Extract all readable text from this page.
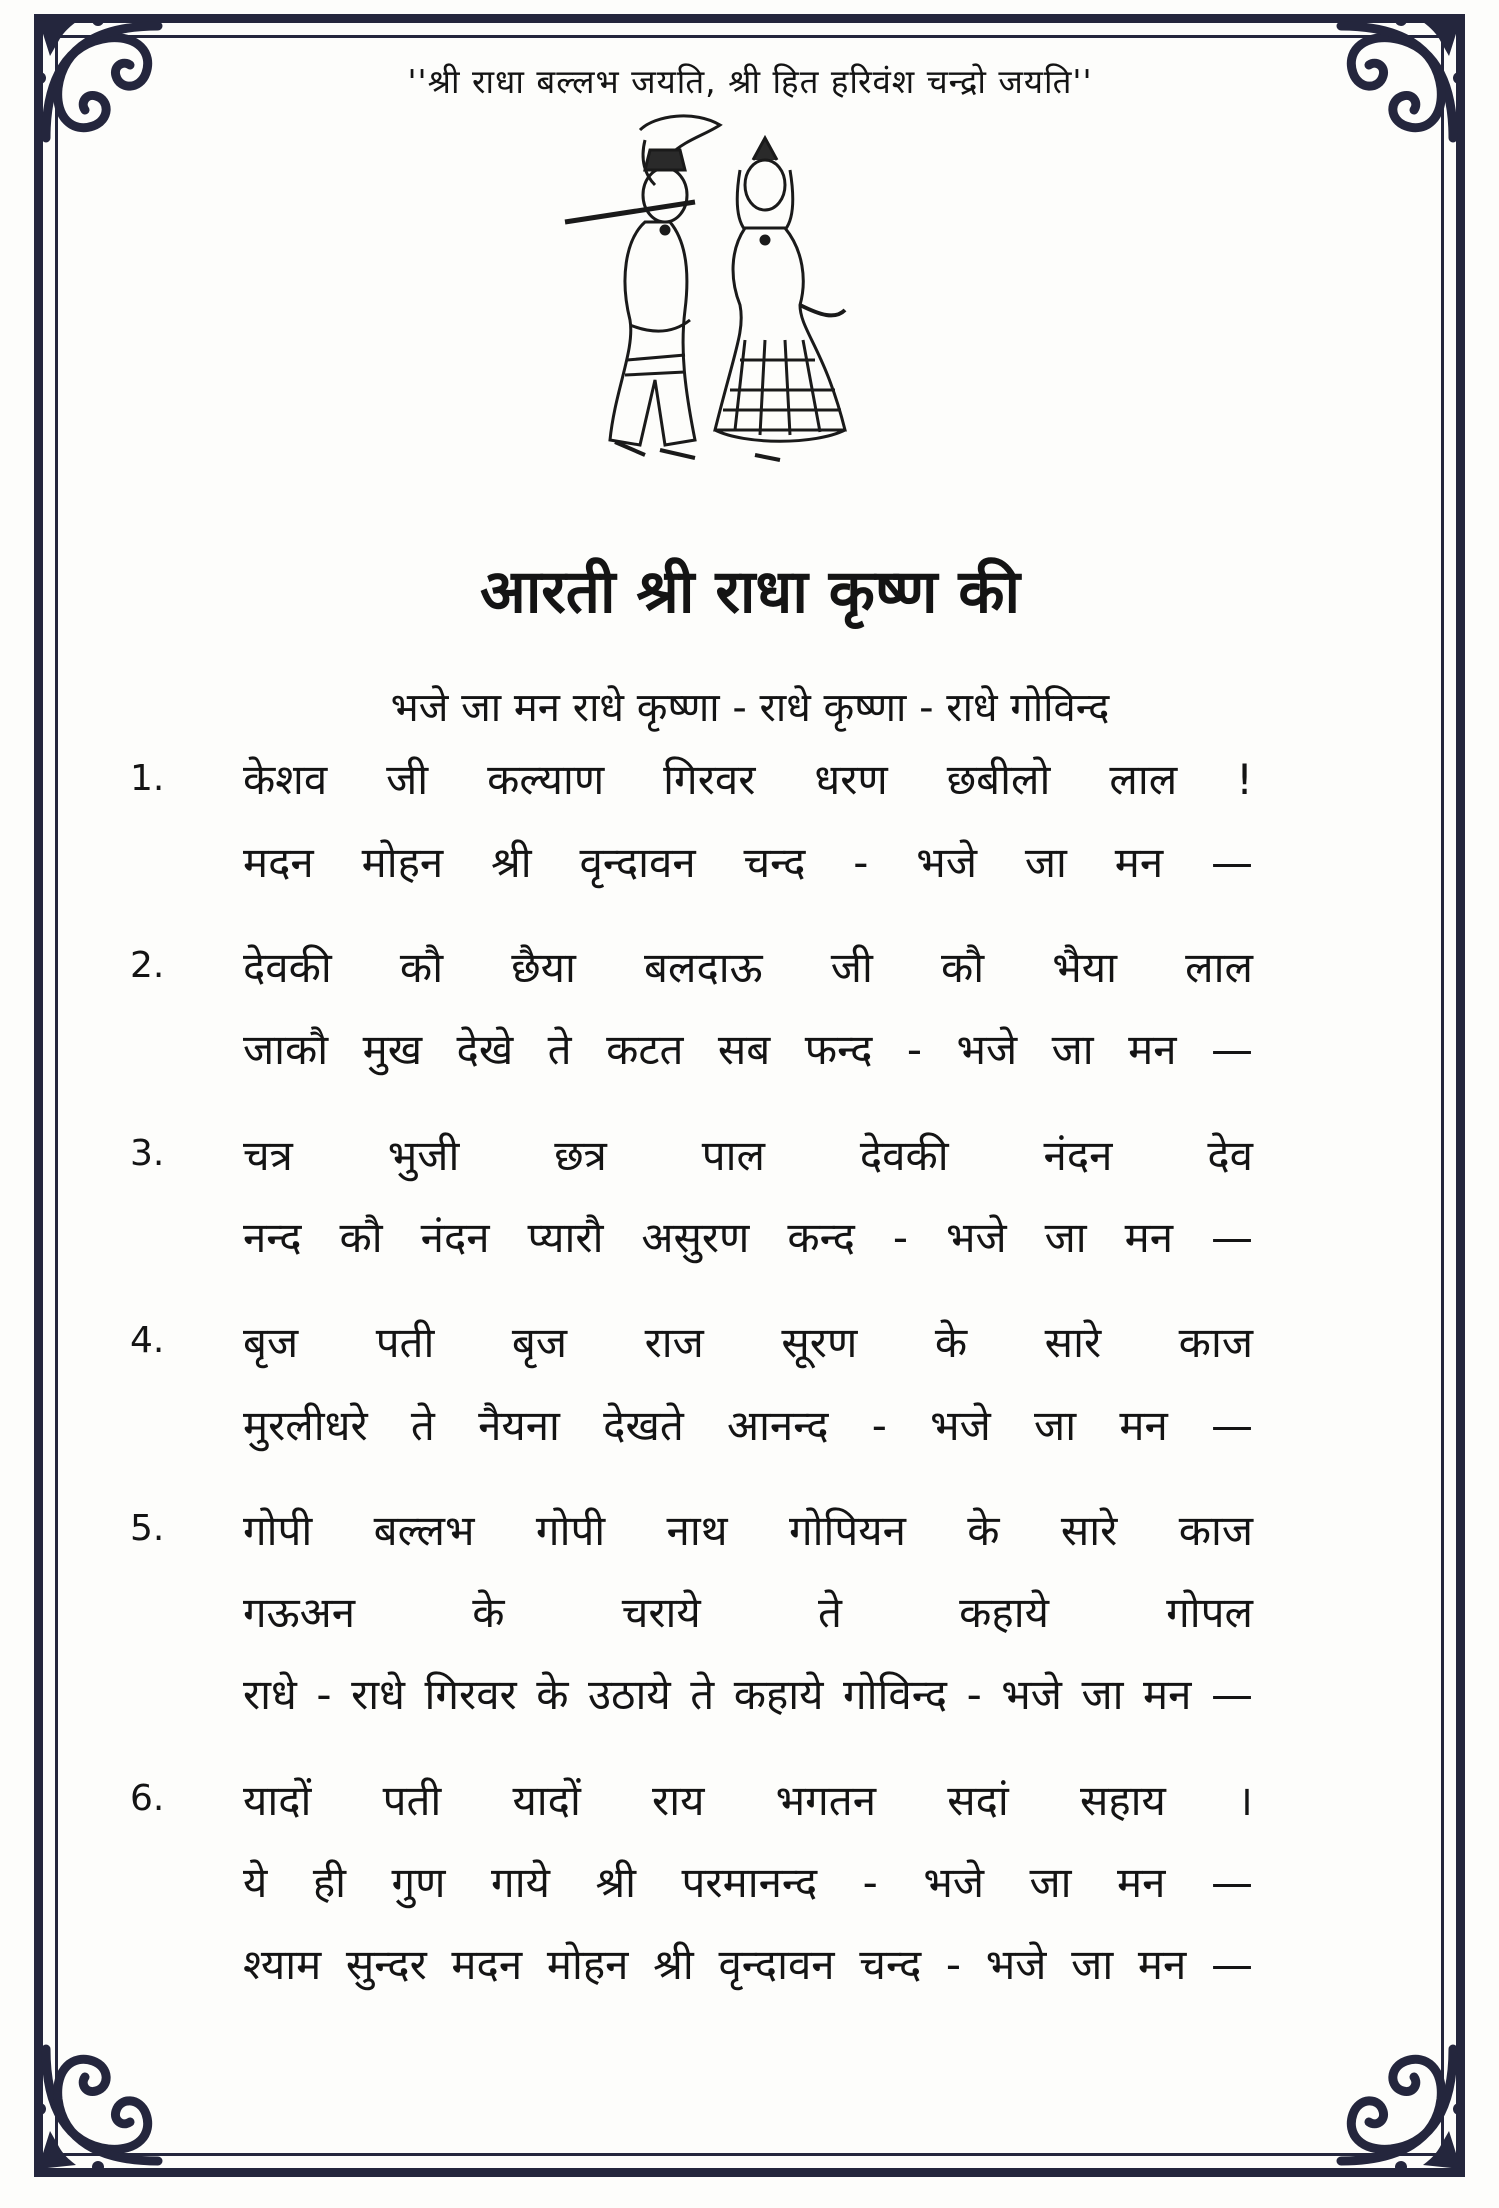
''श्री राधा बल्लभ जयति, श्री हित हरिवंश चन्द्रो जयति''
आरती श्री राधा कृष्ण की
भजे जा मन राधे कृष्णा - राधे कृष्णा - राधे गोविन्द
1. केशव जी कल्याण गिरवर धरण छबीलो लाल !
मदन मोहन श्री वृन्दावन चन्द - भजे जा मन —
2. देवकी कौ छैया बलदाऊ जी कौ भैया लाल
जाकौ मुख देखे ते कटत सब फन्द - भजे जा मन —
3. चत्र भुजी छत्र पाल देवकी नंदन देव
नन्द कौ नंदन प्यारौ असुरण कन्द - भजे जा मन —
4. बृज पती बृज राज सूरण के सारे काज
मुरलीधरे ते नैयना देखते आनन्द - भजे जा मन —
5. गोपी बल्लभ गोपी नाथ गोपियन के सारे काज
गऊअन के चराये ते कहाये गोपल
राधे - राधे गिरवर के उठाये ते कहाये गोविन्द - भजे जा मन —
6. यादों पती यादों राय भगतन सदां सहाय ।
ये ही गुण गाये श्री परमानन्द - भजे जा मन —
श्याम सुन्दर मदन मोहन श्री वृन्दावन चन्द - भजे जा मन —
